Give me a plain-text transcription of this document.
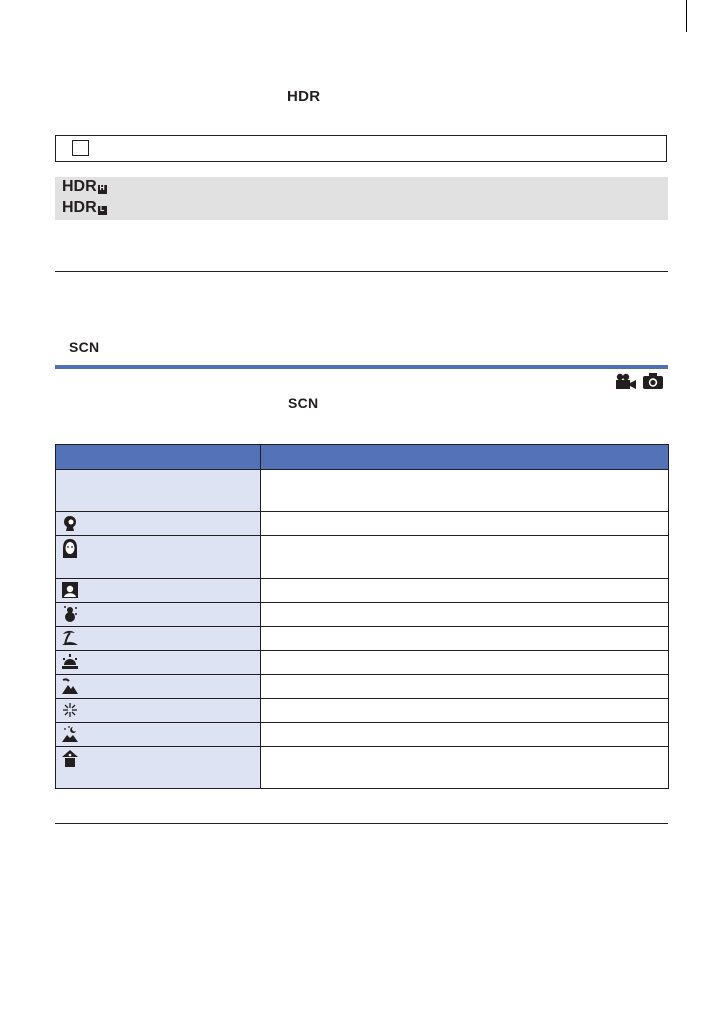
HDR
HDR H
HDR L
SCN
SCN
